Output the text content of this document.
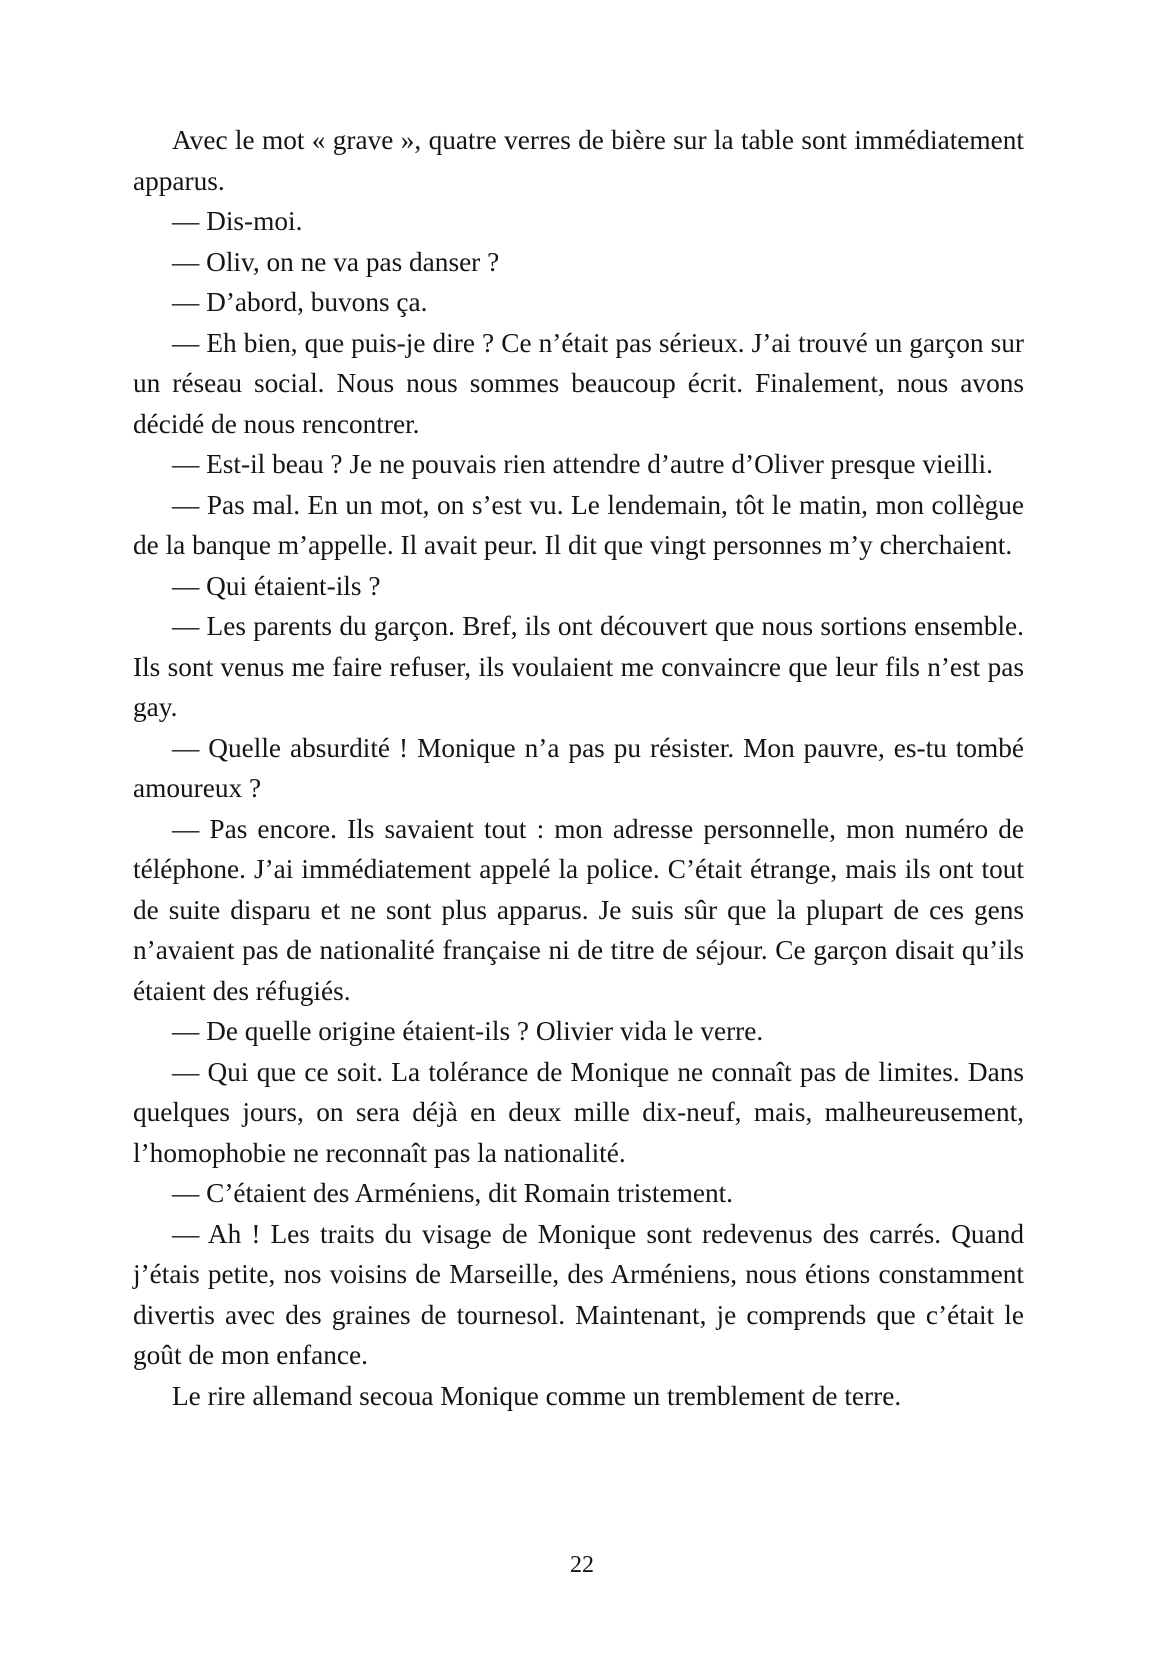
Avec le mot « grave », quatre verres de bière sur la table sont immédiatement apparus.

— Dis-moi.

— Oliv, on ne va pas danser ?

— D’abord, buvons ça.

— Eh bien, que puis-je dire ? Ce n’était pas sérieux. J’ai trouvé un garçon sur un réseau social. Nous nous sommes beaucoup écrit. Finalement, nous avons décidé de nous rencontrer.

— Est-il beau ? Je ne pouvais rien attendre d’autre d’Oliver presque vieilli.

— Pas mal. En un mot, on s’est vu. Le lendemain, tôt le matin, mon collègue de la banque m’appelle. Il avait peur. Il dit que vingt personnes m’y cherchaient.

— Qui étaient-ils ?

— Les parents du garçon. Bref, ils ont découvert que nous sortions ensemble. Ils sont venus me faire refuser, ils voulaient me convaincre que leur fils n’est pas gay.

— Quelle absurdité ! Monique n’a pas pu résister. Mon pauvre, es-tu tombé amoureux ?

— Pas encore. Ils savaient tout : mon adresse personnelle, mon numéro de téléphone. J’ai immédiatement appelé la police. C’était étrange, mais ils ont tout de suite disparu et ne sont plus apparus. Je suis sûr que la plupart de ces gens n’avaient pas de nationalité française ni de titre de séjour. Ce garçon disait qu’ils étaient des réfugiés.

— De quelle origine étaient-ils ? Olivier vida le verre.

— Qui que ce soit. La tolérance de Monique ne connaît pas de limites. Dans quelques jours, on sera déjà en deux mille dix-neuf, mais, malheureusement, l’homophobie ne reconnaît pas la nationalité.

— C’étaient des Arméniens, dit Romain tristement.

— Ah ! Les traits du visage de Monique sont redevenus des carrés. Quand j’étais petite, nos voisins de Marseille, des Arméniens, nous étions constamment divertis avec des graines de tournesol. Maintenant, je comprends que c’était le goût de mon enfance.

Le rire allemand secoua Monique comme un tremblement de terre.

22
